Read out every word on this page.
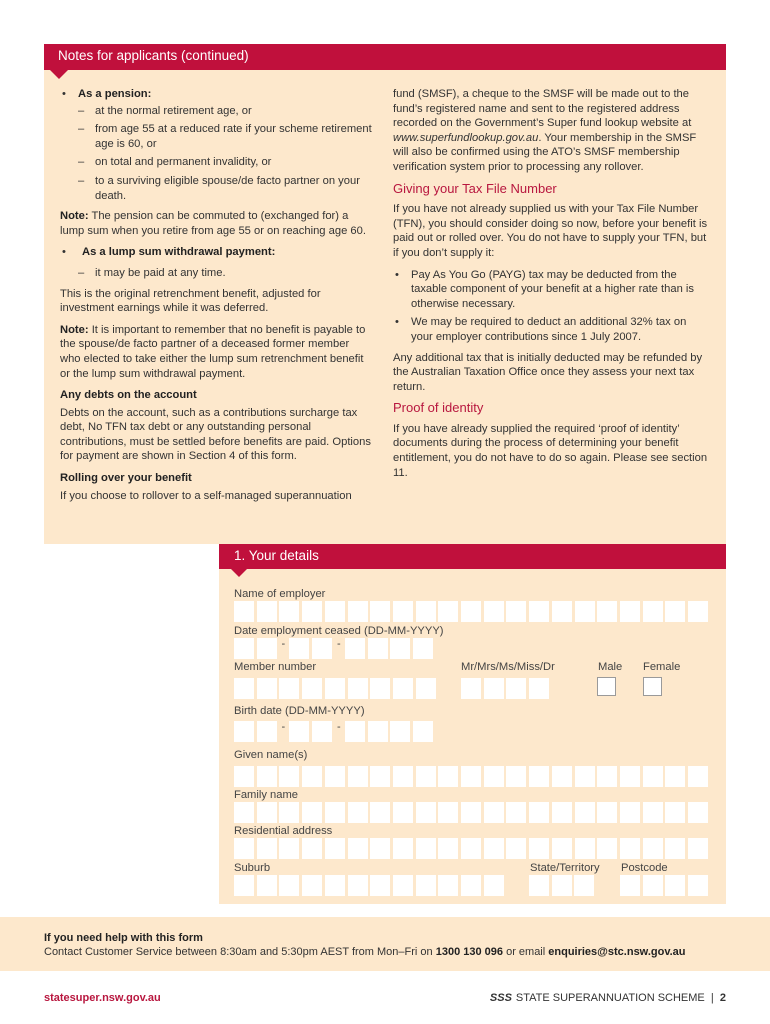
Notes for applicants (continued)
• As a pension:
– at the normal retirement age, or
– from age 55 at a reduced rate if your scheme retirement age is 60, or
– on total and permanent invalidity, or
– to a surviving eligible spouse/de facto partner on your death.

Note: The pension can be commuted to (exchanged for) a lump sum when you retire from age 55 or on reaching age 60.

• As a lump sum withdrawal payment:
– it may be paid at any time.

This is the original retrenchment benefit, adjusted for investment earnings while it was deferred.

Note: It is important to remember that no benefit is payable to the spouse/de facto partner of a deceased former member who elected to take either the lump sum retrenchment benefit or the lump sum withdrawal payment.

Any debts on the account

Debts on the account, such as a contributions surcharge tax debt, No TFN tax debt or any outstanding personal contributions, must be settled before benefits are paid. Options for payment are shown in Section 4 of this form.

Rolling over your benefit

If you choose to rollover to a self-managed superannuation

fund (SMSF), a cheque to the SMSF will be made out to the fund’s registered name and sent to the registered address recorded on the Government’s Super fund lookup website at www.superfundlookup.gov.au. Your membership in the SMSF will also be confirmed using the ATO’s SMSF membership verification system prior to processing any rollover.

Giving your Tax File Number

If you have not already supplied us with your Tax File Number (TFN), you should consider doing so now, before your benefit is paid out or rolled over. You do not have to supply your TFN, but if you don’t supply it:

• Pay As You Go (PAYG) tax may be deducted from the taxable component of your benefit at a higher rate than is otherwise necessary.
• We may be required to deduct an additional 32% tax on your employer contributions since 1 July 2007.

Any additional tax that is initially deducted may be refunded by the Australian Taxation Office once they assess your next tax return.

Proof of identity

If you have already supplied the required ‘proof of identity’ documents during the process of determining your benefit entitlement, you do not have to do so again. Please see section 11.

1. Your details
Name of employer
Date employment ceased (DD-MM-YYYY)
-	-
Member number	Mr/Mrs/Ms/Miss/Dr	Male Female
Birth date (DD-MM-YYYY)
-	-
Given name(s)
Family name
Residential address
Suburb	State/Territory Postcode
If you need help with this form
Contact Customer Service between 8:30am and 5:30pm AEST from Mon–Fri on 1300 130 096 or email enquiries@stc.nsw.gov.au
statesuper.nsw.gov.au	SSS STATE SUPERANNUATION SCHEME | 2
